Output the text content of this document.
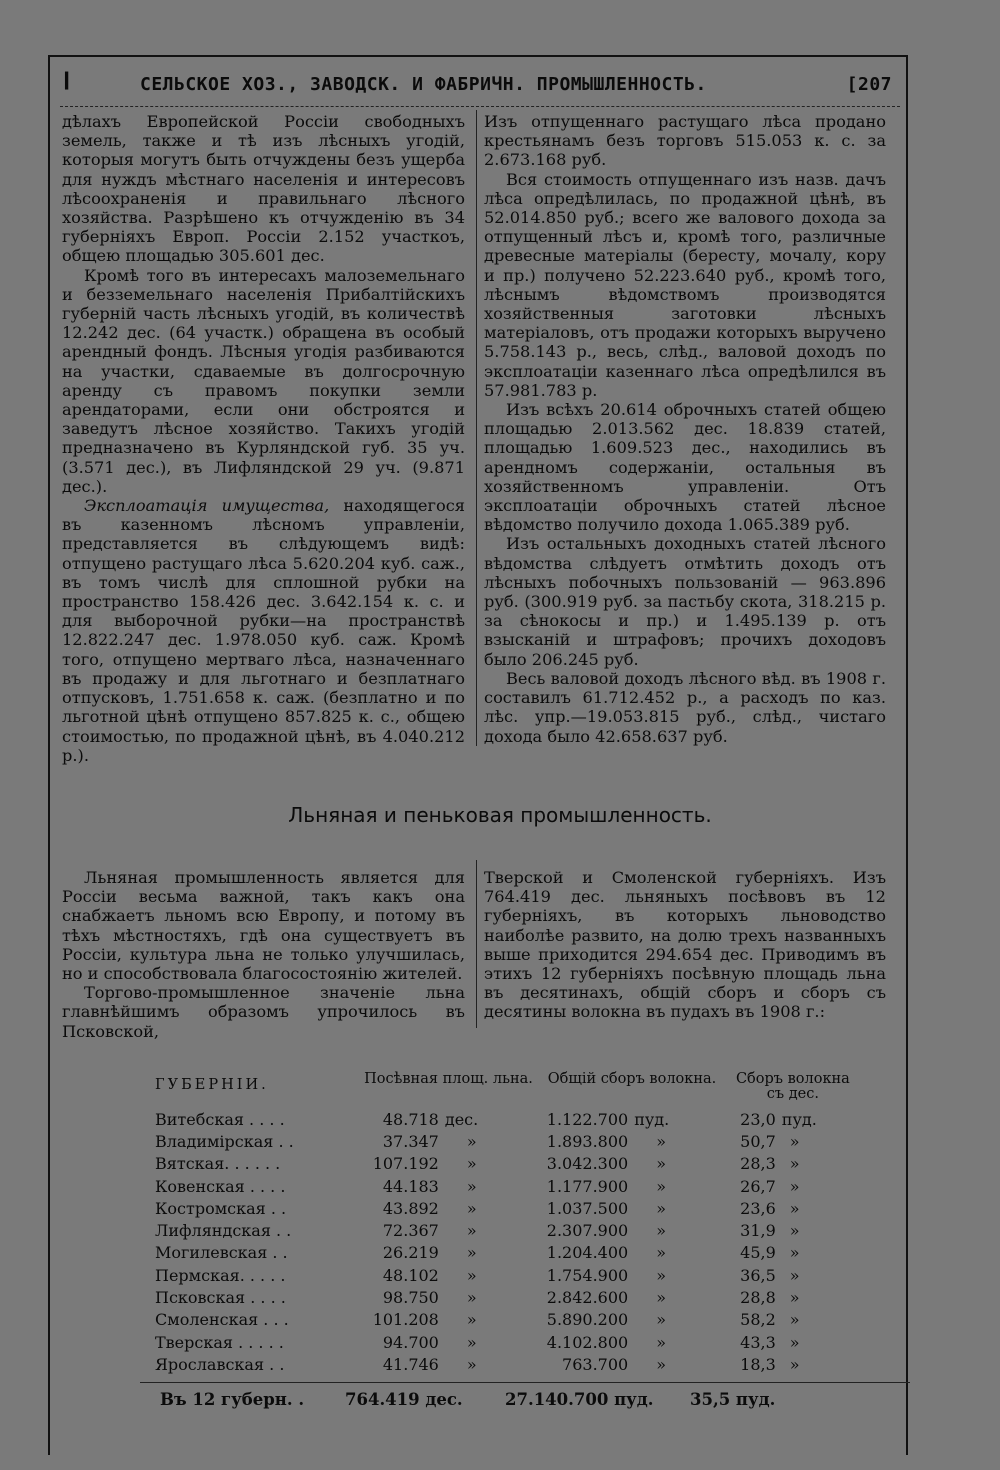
❙	СЕЛЬСКОЕ ХОЗ., ЗАВОДСК. И ФАБРИЧН. ПРОМЫШЛЕННОСТЬ.	[207

дѣлахъ Европейской Россіи свободныхъ земель, также и тѣ изъ лѣсныхъ угодій, которыя могутъ быть отчуждены безъ ущерба для нуждъ мѣстнаго населенія и интересовъ лѣсоохраненія и правильнаго лѣсного хозяйства. Разрѣшено къ отчужденію въ 34 губерніяхъ Европ. Россіи 2.152 участкоъ, общею площадью 305.601 дес.

Кромѣ того въ интересахъ малоземельнаго и безземельнаго населенія Прибалтійскихъ губерній часть лѣсныхъ угодій, въ количествѣ 12.242 дес. (64 участк.) обращена въ особый арендный фондъ. Лѣсныя угодія разбиваются на участки, сдаваемые въ долгосрочную аренду съ правомъ покупки земли арендаторами, если они обстроятся и заведутъ лѣсное хозяйство. Такихъ угодій предназначено въ Курляндской губ. 35 уч. (3.571 дес.), въ Лифляндской 29 уч. (9.871 дес.).

Эксплоатація имущества, находящегося въ казенномъ лѣсномъ управленіи, представляется въ слѣдующемъ видѣ: отпущено растущаго лѣса 5.620.204 куб. саж., въ томъ числѣ для сплошной рубки на пространство 158.426 дес. 3.642.154 к. с. и для выборочной рубки—на пространствѣ 12.822.247 дес. 1.978.050 куб. саж. Кромѣ того, отпущено мертваго лѣса, назначеннаго въ продажу и для льготнаго и безплатнаго отпусковъ, 1.751.658 к. саж. (безплатно и по льготной цѣнѣ отпущено 857.825 к. с., общею стоимостью, по продажной цѣнѣ, въ 4.040.212 р.).

Изъ отпущеннаго растущаго лѣса продано крестьянамъ безъ торговъ 515.053 к. с. за 2.673.168 руб.

Вся стоимость отпущеннаго изъ назв. дачъ лѣса опредѣлилась, по продажной цѣнѣ, въ 52.014.850 руб.; всего же валового дохода за отпущенный лѣсъ и, кромѣ того, различные древесные матеріалы (бересту, мочалу, кору и пр.) получено 52.223.640 руб., кромѣ того, лѣснымъ вѣдомствомъ производятся хозяйственныя заготовки лѣсныхъ матеріаловъ, отъ продажи которыхъ выручено 5.758.143 р., весь, слѣд., валовой доходъ по эксплоатаціи казеннаго лѣса опредѣлился въ 57.981.783 р.

Изъ всѣхъ 20.614 оброчныхъ статей общею площадью 2.013.562 дес. 18.839 статей, площадью 1.609.523 дес., находились въ арендномъ содержаніи, остальныя въ хозяйственномъ управленіи. Отъ эксплоатаціи оброчныхъ статей лѣсное вѣдомство получило дохода 1.065.389 руб.

Изъ остальныхъ доходныхъ статей лѣсного вѣдомства слѣдуетъ отмѣтить доходъ отъ лѣсныхъ побочныхъ пользованій — 963.896 руб. (300.919 руб. за пастьбу скота, 318.215 р. за сѣнокосы и пр.) и 1.495.139 р. отъ взысканій и штрафовъ; прочихъ доходовъ было 206.245 руб.

Весь валовой доходъ лѣсного вѣд. въ 1908 г. составилъ 61.712.452 р., а расходъ по каз. лѣс. упр.—19.053.815 руб., слѣд., чистаго дохода было 42.658.637 руб.

Льняная и пеньковая промышленность.

Льняная промышленность является для Россіи весьма важной, такъ какъ она снабжаетъ льномъ всю Европу, и потому въ тѣхъ мѣстностяхъ, гдѣ она существуетъ въ Россіи, культура льна не только улучшилась, но и способствовала благосостоянію жителей.

Торгово-промышленное значеніе льна главнѣйшимъ образомъ упрочилось въ Псковской,

Тверской и Смоленской губерніяхъ. Изъ 764.419 дес. льняныхъ посѣвовъ въ 12 губерніяхъ, въ которыхъ льноводство наиболѣе развито, на долю трехъ названныхъ выше приходится 294.654 дес. Приводимъ въ этихъ 12 губерніяхъ посѣвную площадь льна въ десятинахъ, общій сборъ и сборъ съ десятины волокна въ пудахъ въ 1908 г.:

ГУБЕРНІИ.	Посѣвная площ. льна.	Общій сборъ волокна.	Сборъ волокна съ дес.
Витебская . . . .	48.718 дес.	1.122.700 пуд.	23,0 пуд.
Владимірская . .	37.347 »	1.893.800 »	50,7 »
Вятская. . . . . .	107.192 »	3.042.300 »	28,3 »
Ковенская . . . .	44.183 »	1.177.900 »	26,7 »
Костромская . .	43.892 »	1.037.500 »	23,6 »
Лифляндская . .	72.367 »	2.307.900 »	31,9 »
Могилевская . .	26.219 »	1.204.400 »	45,9 »
Пермская. . . . .	48.102 »	1.754.900 »	36,5 »
Псковская . . . .	98.750 »	2.842.600 »	28,8 »
Смоленская . . .	101.208 »	5.890.200 »	58,2 »
Тверская . . . . .	94.700 »	4.102.800 »	43,3 »
Ярославская . .	41.746 »	763.700 »	18,3 »
Въ 12 губерн. . 764.419 дес.	27.140.700 пуд. 35,5 пуд.
